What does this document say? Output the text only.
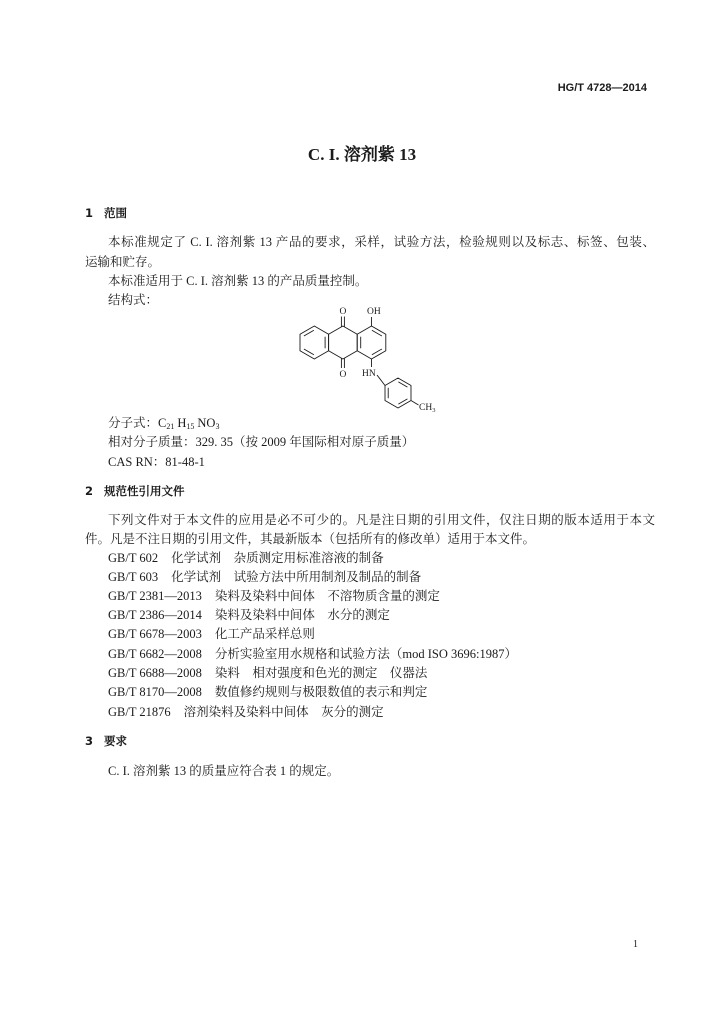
HG/T 4728—2014
C. I. 溶剂紫 13
1 范围
本标准规定了 C. I. 溶剂紫 13 产品的要求，采样，试验方法，检验规则以及标志、标签、包装、
运输和贮存。
本标准适用于 C. I. 溶剂紫 13 的产品质量控制。
结构式：
O
O
OH
HN
$CH_3$
分子式：C21 H15 NO3
相对分子质量：329. 35（按 2009 年国际相对原子质量）
CAS RN：81-48-1
2 规范性引用文件
下列文件对于本文件的应用是必不可少的。凡是注日期的引用文件，仅注日期的版本适用于本文
件。凡是不注日期的引用文件，其最新版本（包括所有的修改单）适用于本文件。
GB/T 602 化学试剂　杂质测定用标准溶液的制备
GB/T 603 化学试剂　试验方法中所用制剂及制品的制备
GB/T 2381—2013 染料及染料中间体　不溶物质含量的测定
GB/T 2386—2014 染料及染料中间体　水分的测定
GB/T 6678—2003 化工产品采样总则
GB/T 6682—2008 分析实验室用水规格和试验方法（mod ISO 3696:1987）
GB/T 6688—2008 染料　相对强度和色光的测定　仪器法
GB/T 8170—2008 数值修约规则与极限数值的表示和判定
GB/T 21876 溶剂染料及染料中间体　灰分的测定
3 要求
C. I. 溶剂紫 13 的质量应符合表 1 的规定。
1
